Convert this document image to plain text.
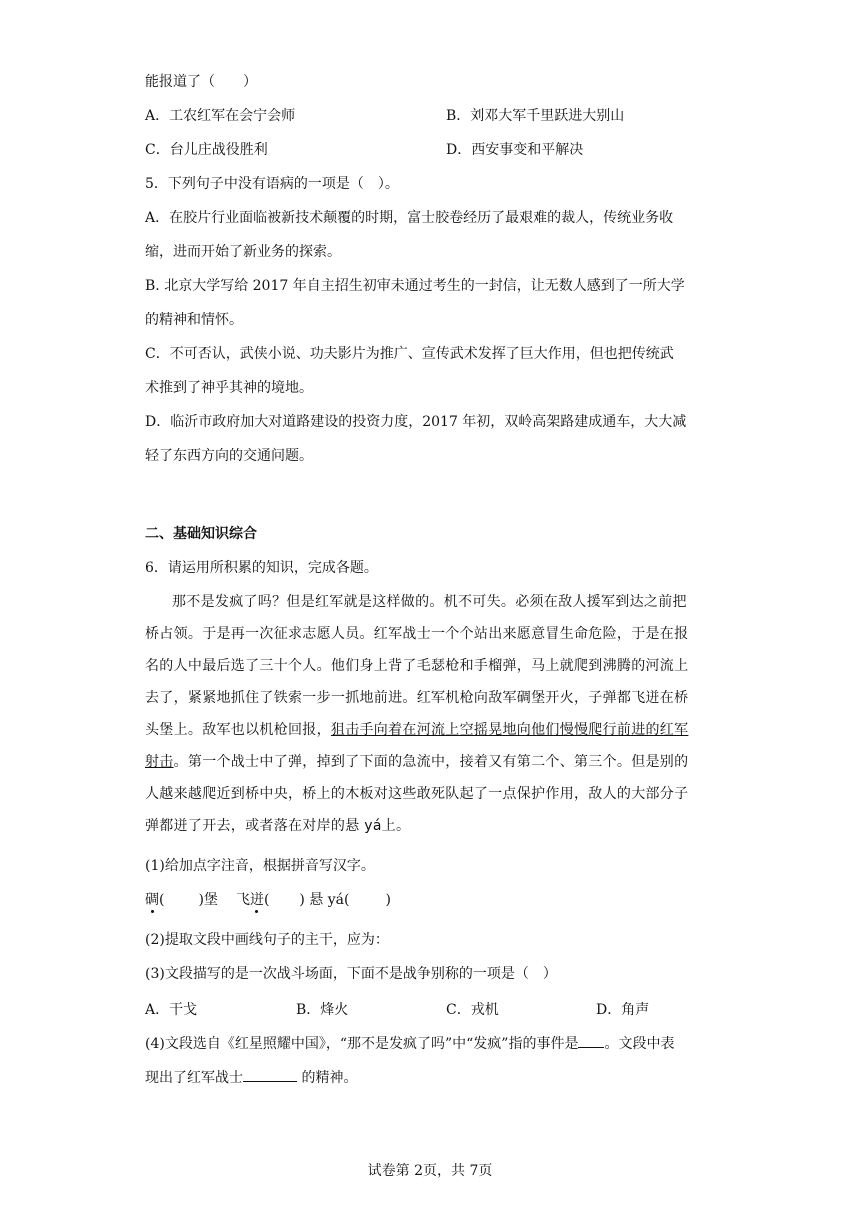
能报道了（　　）
A．工农红军在会宁会师	B．刘邓大军千里跃进大别山
C．台儿庄战役胜利	D．西安事变和平解决
5．下列句子中没有语病的一项是（　）。
A．在胶片行业面临被新技术颠覆的时期，富士胶卷经历了最艰难的裁人，传统业务收
缩，进而开始了新业务的探索。
B. 北京大学写给 2017 年自主招生初审未通过考生的一封信，让无数人感到了一所大学
的精神和情怀。
C．不可否认，武侠小说、功夫影片为推广、宣传武术发挥了巨大作用，但也把传统武
术推到了神乎其神的境地。
D．临沂市政府加大对道路建设的投资力度，2017 年初，双岭高架路建成通车，大大减
轻了东西方向的交通问题。
二、基础知识综合
6．请运用所积累的知识，完成各题。
那不是发疯了吗？但是红军就是这样做的。机不可失。必须在敌人援军到达之前把
桥占领。于是再一次征求志愿人员。红军战士一个个站出来愿意冒生命危险，于是在报
名的人中最后选了三十个人。他们身上背了毛瑟枪和手榴弹，马上就爬到沸腾的河流上
去了，紧紧地抓住了铁索一步一抓地前进。红军机枪向敌军碉堡开火，子弹都飞迸在桥
头堡上。敌军也以机枪回报，狙击手向着在河流上空摇晃地向他们慢慢爬行前进的红军
射击。第一个战士中了弹，掉到了下面的急流中，接着又有第二个、第三个。但是别的
人越来越爬近到桥中央，桥上的木板对这些敢死队起了一点保护作用，敌人的大部分子
弹都迸了开去，或者落在对岸的悬 yá上。
(1)给加点字注音，根据拼音写汉字。
碉( )堡 飞迸( ) 悬 yá(	)
(2)提取文段中画线句子的主干，应为：
(3)文段描写的是一次战斗场面，下面不是战争别称的一项是（　）
A．干戈	B．烽火	C．戎机	D．角声
(4)文段选自《红星照耀中国》，“那不是发疯了吗”中“发疯”指的事件是 。文段中表
现出了红军战士	的精神。
试卷第 2页，共 7页
